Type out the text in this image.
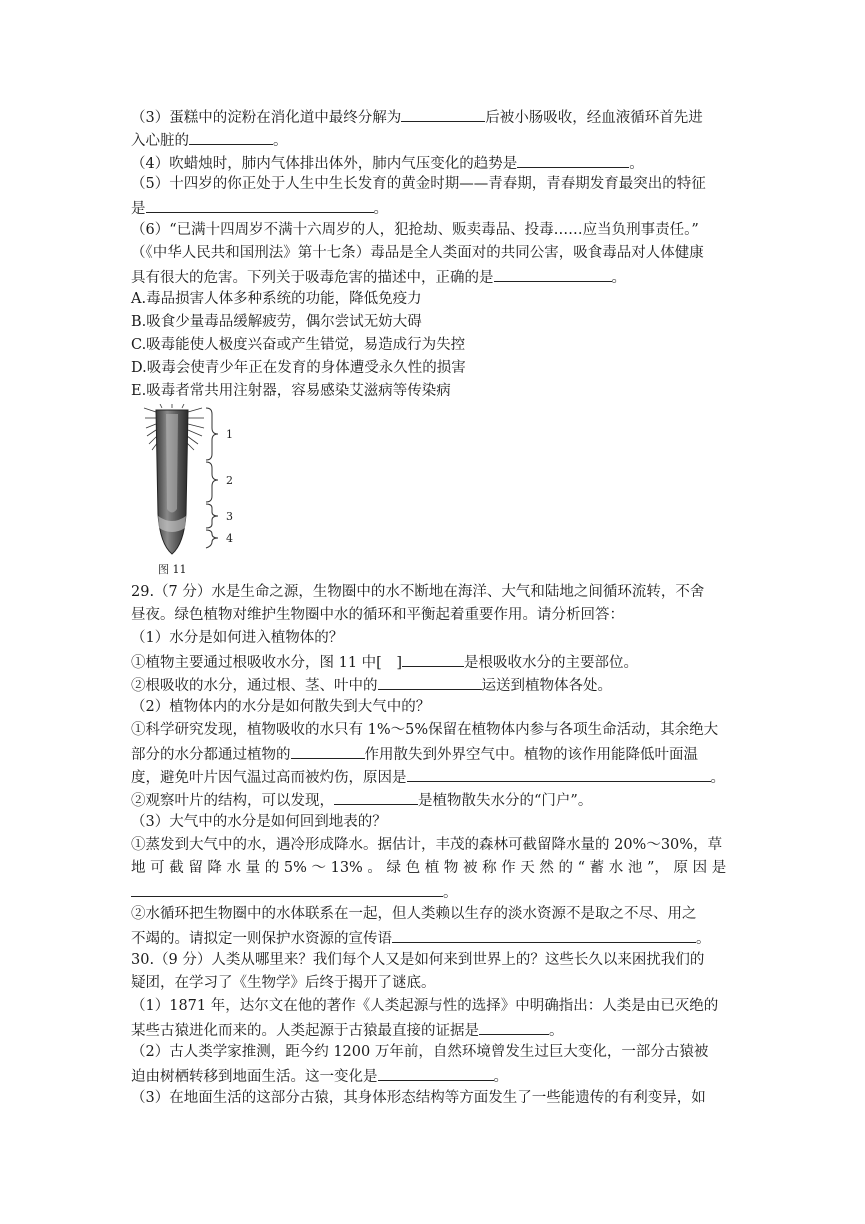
（3）蛋糕中的淀粉在消化道中最终分解为	后被小肠吸收，经血液循环首先进
入心脏的	。
（4）吹蜡烛时，肺内气体排出体外，肺内气压变化的趋势是	。
（5）十四岁的你正处于人生中生长发育的黄金时期——青春期，青春期发育最突出的特征
是	。
（6）“已满十四周岁不满十六周岁的人，犯抢劫、贩卖毒品、投毒……应当负刑事责任。”
（《中华人民共和国刑法》第十七条）毒品是全人类面对的共同公害，吸食毒品对人体健康
具有很大的危害。下列关于吸毒危害的描述中，正确的是	。
A.毒品损害人体多种系统的功能，降低免疫力
B.吸食少量毒品缓解疲劳，偶尔尝试无妨大碍
C.吸毒能使人极度兴奋或产生错觉，易造成行为失控
D.吸毒会使青少年正在发育的身体遭受永久性的损害
E.吸毒者常共用注射器，容易感染艾滋病等传染病
1
2
3
4
图 11
29.（7 分）水是生命之源，生物圈中的水不断地在海洋、大气和陆地之间循环流转，不舍
昼夜。绿色植物对维护生物圈中水的循环和平衡起着重要作用。请分析回答：
（1）水分是如何进入植物体的？
①植物主要通过根吸收水分，图 11 中[　]	是根吸收水分的主要部位。
②根吸收的水分，通过根、茎、叶中的	运送到植物体各处。
（2）植物体内的水分是如何散失到大气中的？
①科学研究发现，植物吸收的水只有 1%～5%保留在植物体内参与各项生命活动，其余绝大
部分的水分都通过植物的	作用散失到外界空气中。植物的该作用能降低叶面温
度，避免叶片因气温过高而被灼伤，原因是	。
②观察叶片的结构，可以发现，	是植物散失水分的“门户”。
（3）大气中的水分是如何回到地表的？
①蒸发到大气中的水，遇冷形成降水。据估计，丰茂的森林可截留降水量的 20%～30%，草
地 可 截 留 降 水 量 的 5% ～ 13% 。 绿 色 植 物 被 称 作 天 然 的 “ 蓄 水 池 ”， 原 因 是
。
②水循环把生物圈中的水体联系在一起，但人类赖以生存的淡水资源不是取之不尽、用之
不竭的。请拟定一则保护水资源的宣传语	。
30.（9 分）人类从哪里来？我们每个人又是如何来到世界上的？这些长久以来困扰我们的
疑团，在学习了《生物学》后终于揭开了谜底。
（1）1871 年，达尔文在他的著作《人类起源与性的选择》中明确指出：人类是由已灭绝的
某些古猿进化而来的。人类起源于古猿最直接的证据是	。
（2）古人类学家推测，距今约 1200 万年前，自然环境曾发生过巨大变化，一部分古猿被
迫由树栖转移到地面生活。这一变化是	。
（3）在地面生活的这部分古猿，其身体形态结构等方面发生了一些能遗传的有利变异，如
